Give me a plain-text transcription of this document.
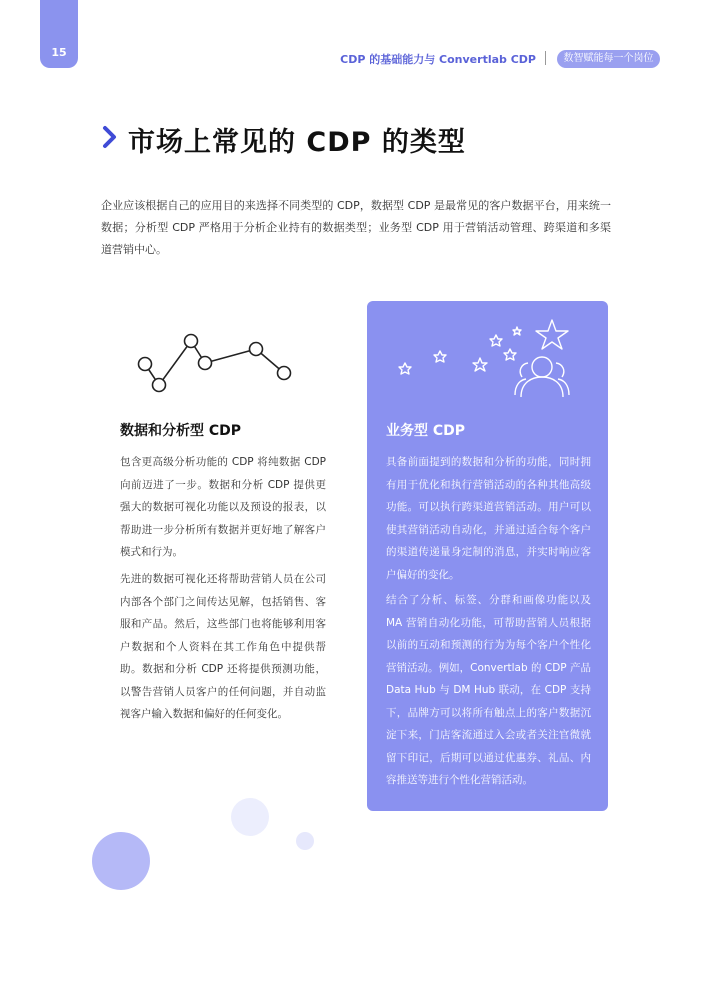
15
CDP 的基础能力与 Convertlab CDP	数智赋能每一个岗位
市场上常见的 CDP 的类型
企业应该根据自己的应用目的来选择不同类型的 CDP，数据型 CDP 是最常见的客户数据平台，用来统一数据；分析型 CDP 严格用于分析企业持有的数据类型；业务型 CDP 用于营销活动管理、跨渠道和多渠道营销中心。
数据和分析型 CDP
包含更高级分析功能的 CDP 将纯数据 CDP 向前迈进了一步。数据和分析 CDP 提供更强大的数据可视化功能以及预设的报表，以帮助进一步分析所有数据并更好地了解客户模式和行为。
先进的数据可视化还将帮助营销人员在公司内部各个部门之间传达见解，包括销售、客服和产品。然后，这些部门也将能够利用客户数据和个人资料在其工作角色中提供帮助。数据和分析 CDP 还将提供预测功能，以警告营销人员客户的任何问题，并自动监视客户输入数据和偏好的任何变化。
业务型 CDP
具备前面提到的数据和分析的功能，同时拥有用于优化和执行营销活动的各种其他高级功能。可以执行跨渠道营销活动。用户可以使其营销活动自动化，并通过适合每个客户的渠道传递量身定制的消息，并实时响应客户偏好的变化。
结合了分析、标签、分群和画像功能以及 MA 营销自动化功能，可帮助营销人员根据以前的互动和预测的行为为每个客户个性化营销活动。例如，Convertlab 的 CDP 产品 Data Hub 与 DM Hub 联动，在 CDP 支持下，品牌方可以将所有触点上的客户数据沉淀下来，门店客流通过入会或者关注官微就留下印记，后期可以通过优惠券、礼品、内容推送等进行个性化营销活动。
